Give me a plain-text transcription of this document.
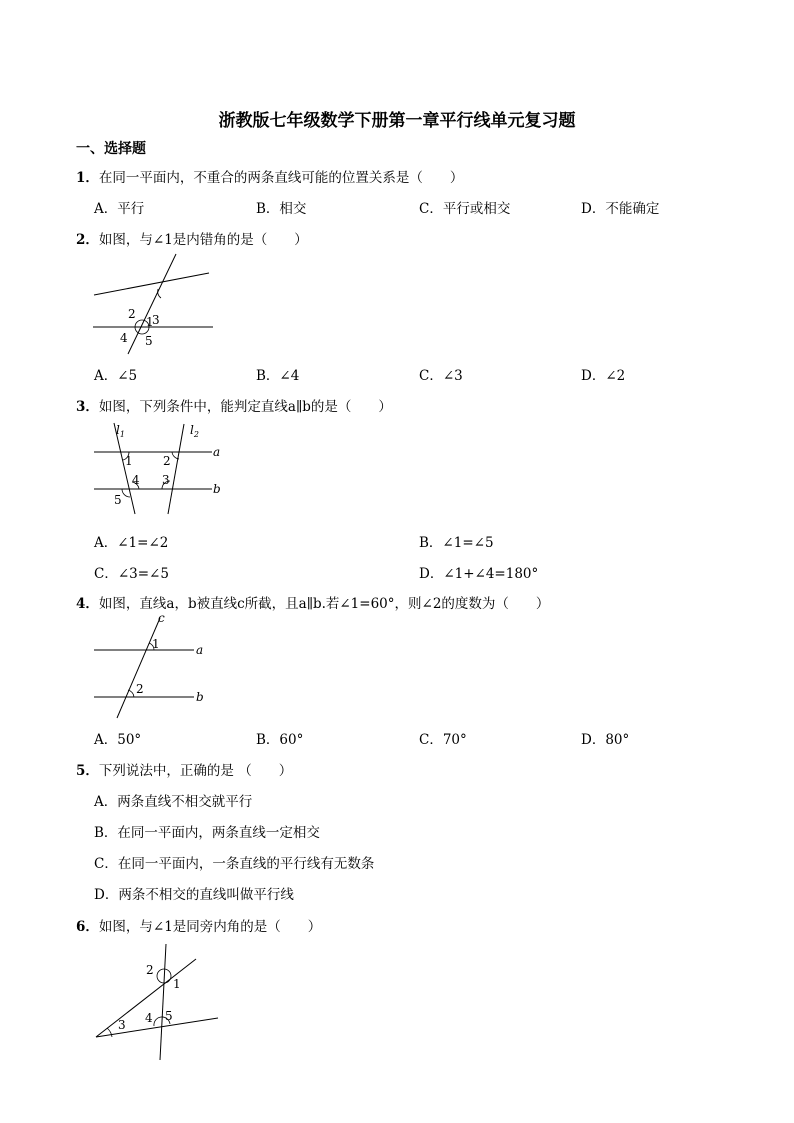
浙教版七年级数学下册第一章平行线单元复习题
一、选择题
1．在同一平面内，不重合的两条直线可能的位置关系是（　　）
A．平行	B．相交	C．平行或相交	D．不能确定
2．如图，与∠1是内错角的是（　　）
1
2 3
4 5
A．∠5	B．∠4	C．∠3	D．∠2
3．如图，下列条件中，能判定直线a∥b的是（　　）
$l_1$	$l_2$
a
b
1	2
4 3
5
A．∠1=∠2	B．∠1=∠5
C．∠3=∠5	D．∠1+∠4=180°
4．如图，直线a，b被直线c所截，且a∥b.若∠1=60°，则∠2的度数为（　　）
c
1	a
2
b
A．50°	B．60°	C．70°	D．80°
5．下列说法中，正确的是 （　　）
A．两条直线不相交就平行
B．在同一平面内，两条直线一定相交
C．在同一平面内，一条直线的平行线有无数条
D．两条不相交的直线叫做平行线
6．如图，与∠1是同旁内角的是（　　）
2
1
3 4 5
